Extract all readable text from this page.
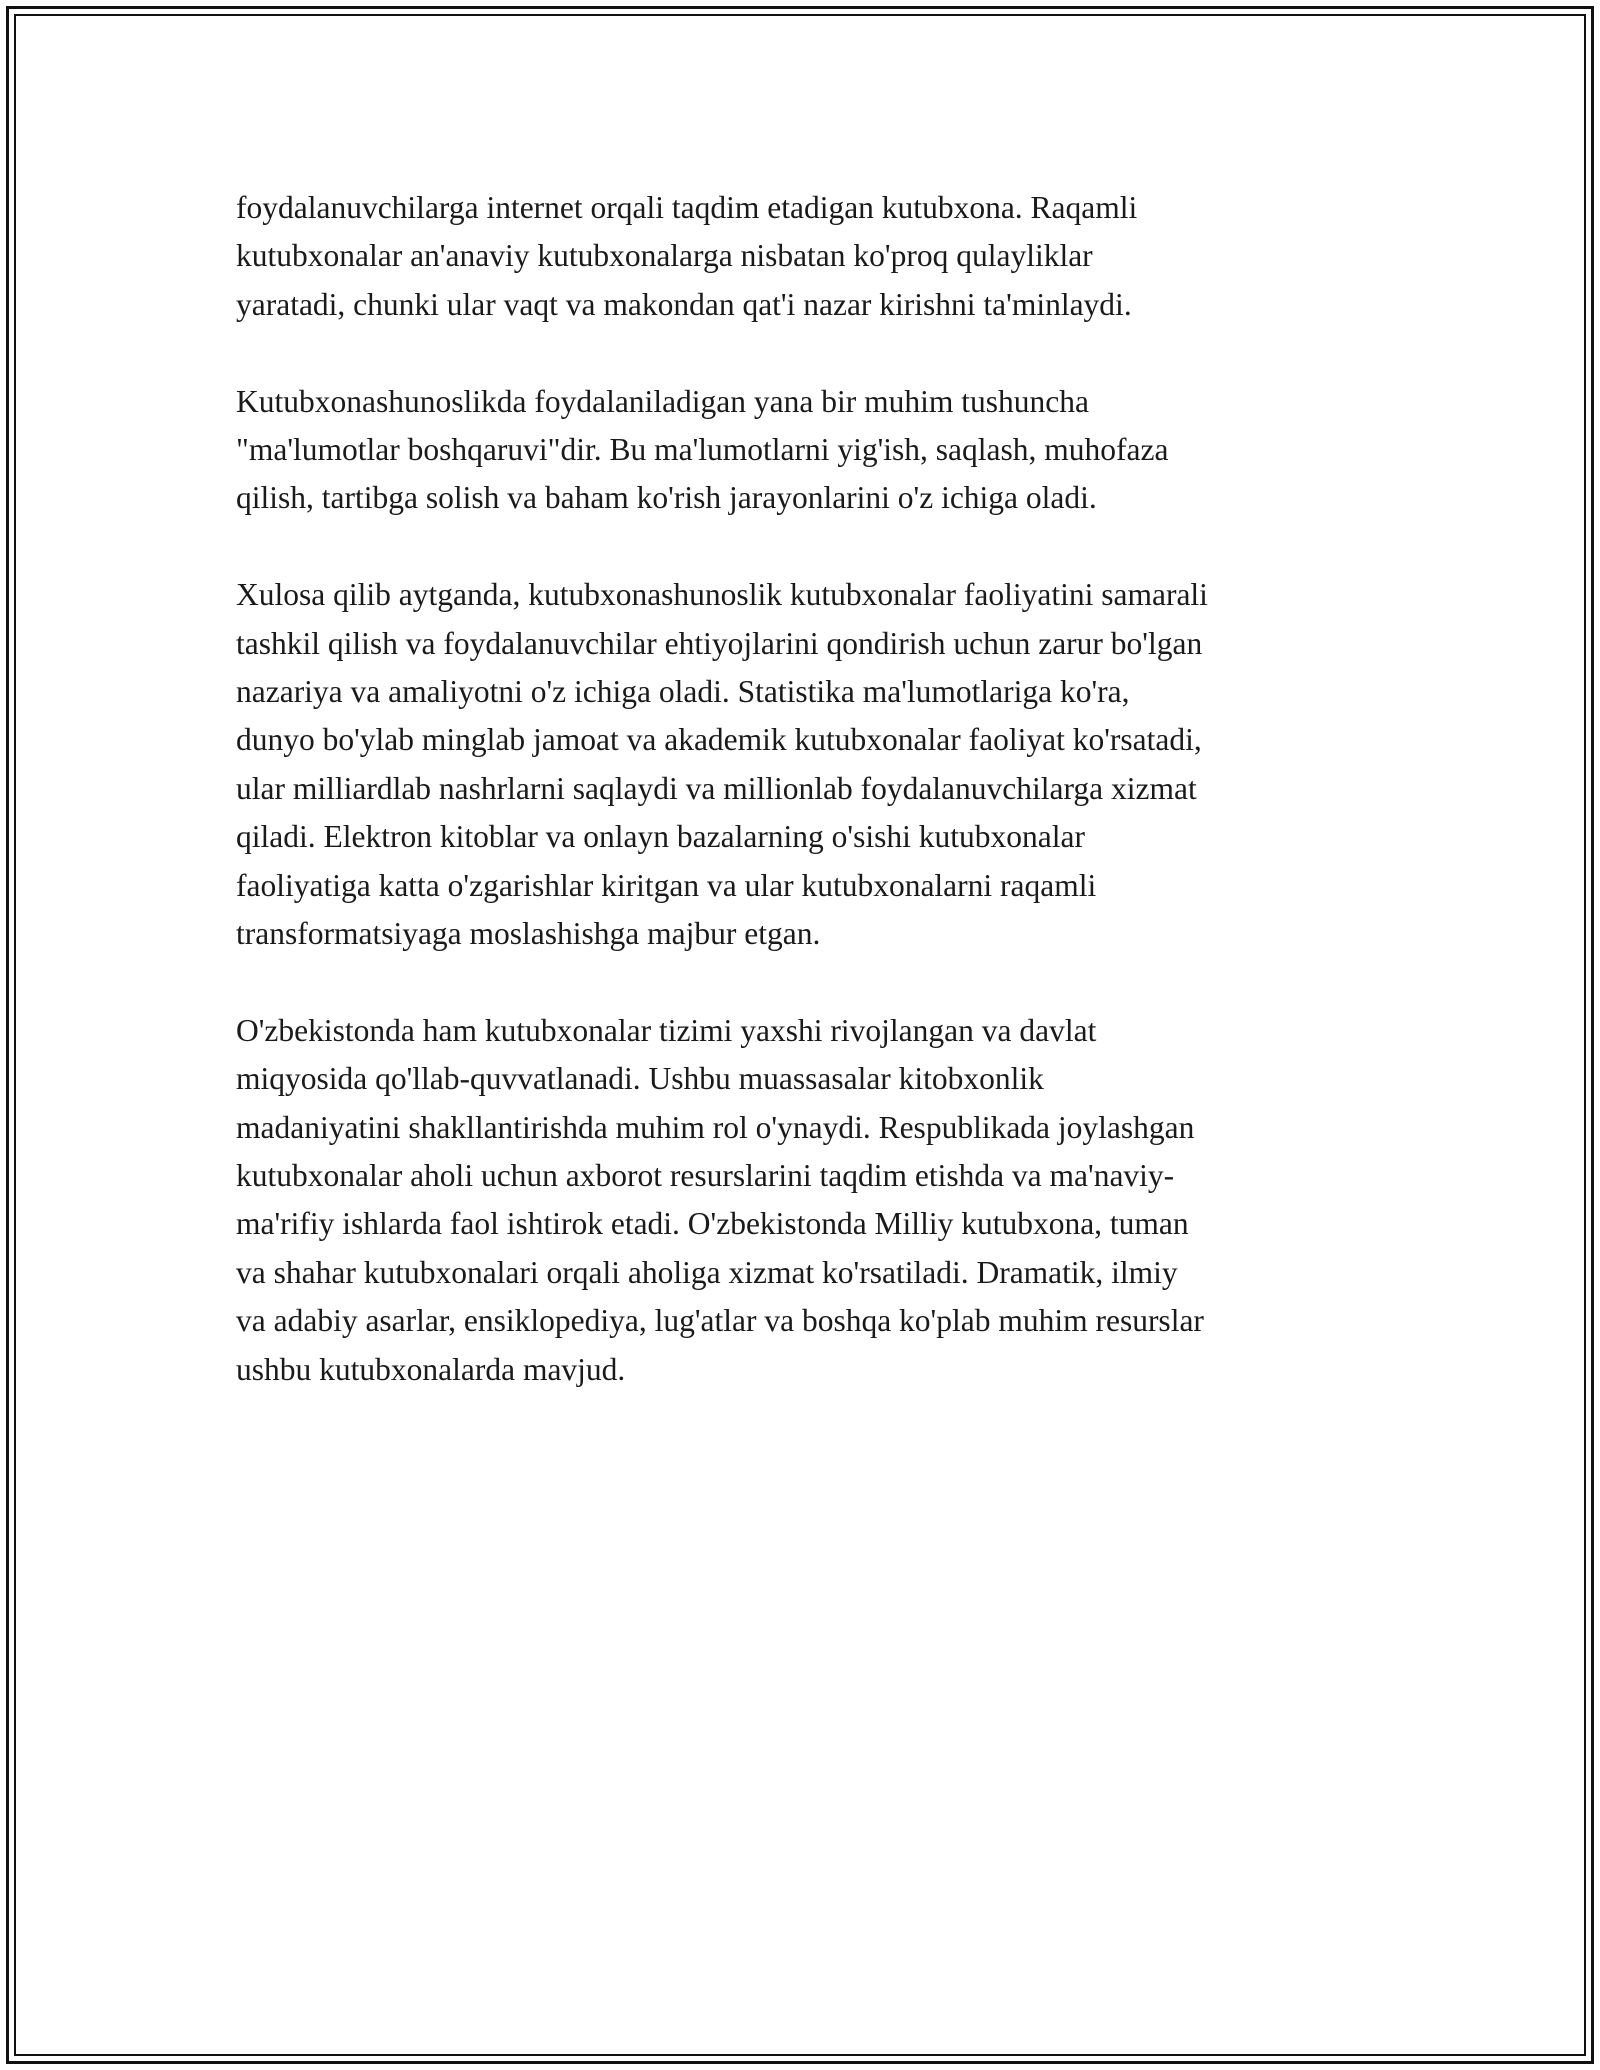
foydalanuvchilarga internet orqali taqdim etadigan kutubxona. Raqamli
kutubxonalar an'anaviy kutubxonalarga nisbatan ko'proq qulayliklar
yaratadi, chunki ular vaqt va makondan qat'i nazar kirishni ta'minlaydi.

Kutubxonashunoslikda foydalaniladigan yana bir muhim tushuncha
"ma'lumotlar boshqaruvi"dir. Bu ma'lumotlarni yig'ish, saqlash, muhofaza
qilish, tartibga solish va baham ko'rish jarayonlarini o'z ichiga oladi.

Xulosa qilib aytganda, kutubxonashunoslik kutubxonalar faoliyatini samarali
tashkil qilish va foydalanuvchilar ehtiyojlarini qondirish uchun zarur bo'lgan
nazariya va amaliyotni o'z ichiga oladi. Statistika ma'lumotlariga ko'ra,
dunyo bo'ylab minglab jamoat va akademik kutubxonalar faoliyat ko'rsatadi,
ular milliardlab nashrlarni saqlaydi va millionlab foydalanuvchilarga xizmat
qiladi. Elektron kitoblar va onlayn bazalarning o'sishi kutubxonalar
faoliyatiga katta o'zgarishlar kiritgan va ular kutubxonalarni raqamli
transformatsiyaga moslashishga majbur etgan.

O'zbekistonda ham kutubxonalar tizimi yaxshi rivojlangan va davlat
miqyosida qo'llab-quvvatlanadi. Ushbu muassasalar kitobxonlik
madaniyatini shakllantirishda muhim rol o'ynaydi. Respublikada joylashgan
kutubxonalar aholi uchun axborot resurslarini taqdim etishda va ma'naviy-
ma'rifiy ishlarda faol ishtirok etadi. O'zbekistonda Milliy kutubxona, tuman
va shahar kutubxonalari orqali aholiga xizmat ko'rsatiladi. Dramatik, ilmiy
va adabiy asarlar, ensiklopediya, lug'atlar va boshqa ko'plab muhim resurslar
ushbu kutubxonalarda mavjud.
